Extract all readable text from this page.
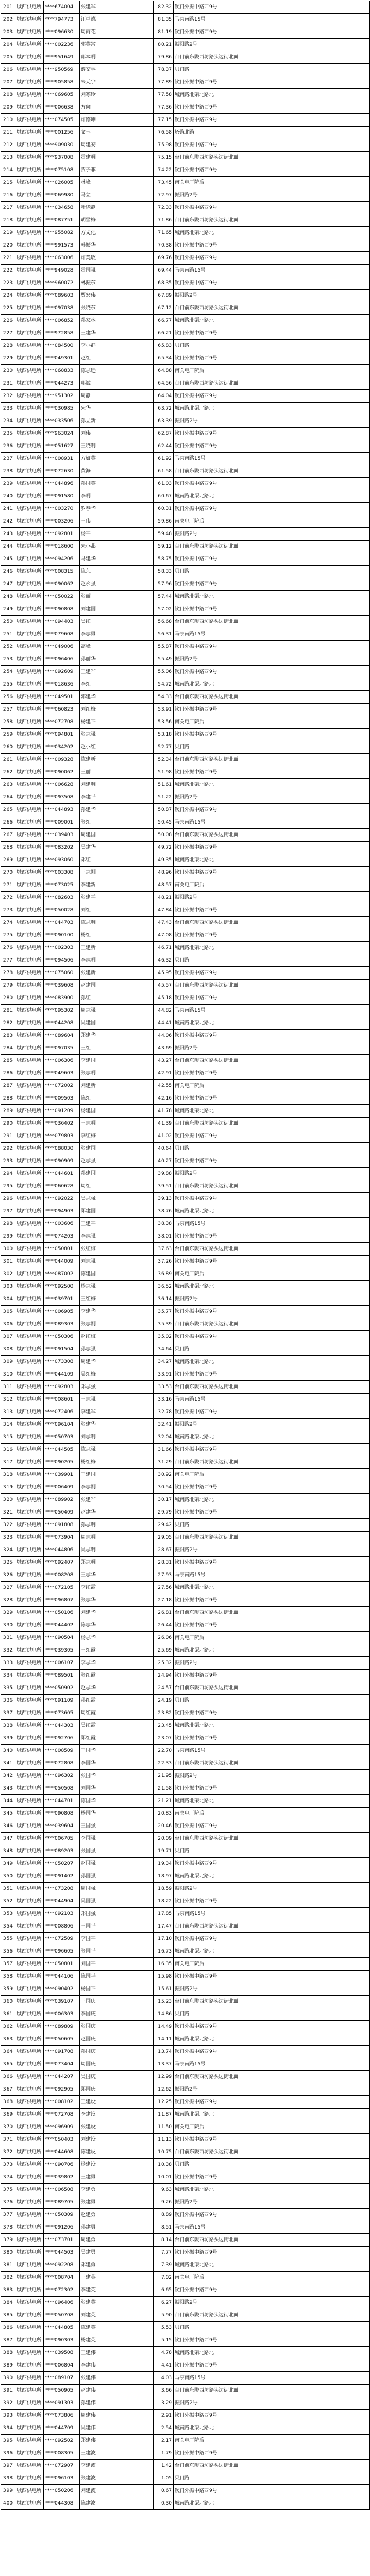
201	城西供电所	****674004	张建军	82.32	钦门外振中路西9号	
202	城西供电所	****794773	汪卓德	81.35	马泉南路15号	
203	城西供电所	****096630	周雨花	81.19	钦门外振中路西9号	
204	城西供电所	****002236	郭英富	80.21	振阳路2号	
205	城西供电所	****951649	郭本明	79.86	台门前东陇西坊路头边街北面	
206	城西供电所	****950569	薛安学	78.37	贝门路	
207	城西供电所	****905858	朱天宇	77.89	钦门外振中路西9号	
208	城西供电所	****069605	刘寒玲	77.58	城南路北渠北路北	
209	城西供电所	****006638	方向	77.36	钦门外振中路西9号	
210	城西供电所	****074505	许德坤	77.15	钦门外振中路西9号	
211	城西供电所	****001256	文丰	76.58	塔路北路	
212	城西供电所	****909030	周建安	75.98	钦门外振中路西9号	
213	城西供电所	****937008	霍建明	75.15	台门前东陇西坊路头边街北面	
214	城西供电所	****075108	贺子菲	74.22	钦门外振中路西9号	
215	城西供电所	****026005	林峰	73.45	南关电厂院后	
216	城西供电所	****069980	马立	72.97	振阳路2号	
217	城西供电所	****034658	叶晓静	72.33	钦门外振中路西9号	
218	城西供电所	****087751	胡雪梅	71.86	台门前东陇西坊路头边街北面	
219	城西供电所	****955082	方文化	71.65	城南路北渠北路北	
220	城西供电所	****991573	韩振华	70.38	钦门外振中路西9号	
221	城西供电所	****063006	许美敏	69.76	钦门外振中路西9号	
222	城西供电所	****949028	霍国强	69.44	马泉南路15号	
223	城西供电所	****960072	林振东	68.35	钦门外振中路西9号	
224	城西供电所	****089603	贾宏伟	67.89	振阳路2号	
225	城西供电所	****097038	张晓东	67.12	台门前东陇西坊路头边街北面	
226	城西供电所	****006852	孙家林	66.77	城南路北渠北路北	
227	城西供电所	****972858	王建华	66.21	钦门外振中路西9号	
228	城西供电所	****084500	李小群	65.83	贝门路	
229	城西供电所	****049301	赵红	65.34	钦门外振中路西9号	
230	城西供电所	****068833	陈志远	64.88	南关电厂院后	
231	城西供电所	****044273	郭斌	64.56	台门前东陇西坊路头边街北面	
232	城西供电所	****951302	周静	64.04	钦门外振中路西9号	
233	城西供电所	****030985	宋华	63.72	城南路北渠北路北	
234	城西供电所	****033506	孙立新	63.39	振阳路2号	
235	城西供电所	****963024	刘伟	62.87	钦门外振中路西9号	
236	城西供电所	****051627	王晓明	62.44	钦门外振中路西9号	
237	城西供电所	****008931	方如英	61.92	马泉南路15号	
238	城西供电所	****072630	黄海	61.58	台门前东陇西坊路头边街北面	
239	城西供电所	****044896	孙国英	61.03	钦门外振中路西9号	
240	城西供电所	****091580	李明	60.67	城南路北渠北路北	
241	城西供电所	****003270	罗春华	60.31	钦门外振中路西9号	
242	城西供电所	****003206	王伟	59.86	南关电厂院后	
243	城西供电所	****092801	杨平	59.48	振阳路2号	
244	城西供电所	****018600	朱小燕	59.12	台门前东陇西坊路头边街北面	
245	城西供电所	****094206	马建华	58.75	钦门外振中路西9号	
246	城西供电所	****008315	陈东	58.33	贝门路	
247	城西供电所	****090062	赵永强	57.96	钦门外振中路西9号	
248	城西供电所	****050022	张丽	57.44	城南路北渠北路北	
249	城西供电所	****090808	刘建国	57.02	钦门外振中路西9号	
250	城西供电所	****094403	吴红	56.68	台门前东陇西坊路头边街北面	
251	城西供电所	****079608	李志勇	56.31	马泉南路15号	
252	城西供电所	****049006	高峰	55.87	钦门外振中路西9号	
253	城西供电所	****096406	孙丽华	55.49	振阳路2号	
254	城西供电所	****092609	王建军	55.06	钦门外振中路西9号	
255	城西供电所	****018636	李红	54.72	城南路北渠北路北	
256	城西供电所	****049501	郭建华	54.33	台门前东陇西坊路头边街北面	
257	城西供电所	****060823	刘红梅	53.91	钦门外振中路西9号	
258	城西供电所	****072708	杨建平	53.56	南关电厂院后	
259	城西供电所	****094801	张志强	53.18	钦门外振中路西9号	
260	城西供电所	****034202	赵小红	52.77	贝门路	
261	城西供电所	****009328	陈建新	52.34	台门前东陇西坊路头边街北面	
262	城西供电所	****090062	王丽	51.98	钦门外振中路西9号	
263	城西供电所	****006628	刘建明	51.61	城南路北渠北路北	
264	城西供电所	****093508	李建平	51.22	振阳路2号	
265	城西供电所	****044893	孙建华	50.87	钦门外振中路西9号	
266	城西供电所	****009001	张红	50.45	马泉南路15号	
267	城西供电所	****039403	周建国	50.08	台门前东陇西坊路头边街北面	
268	城西供电所	****083202	吴建华	49.72	钦门外振中路西9号	
269	城西供电所	****093060	郑红	49.35	城南路北渠北路北	
270	城西供电所	****003308	王志刚	48.96	钦门外振中路西9号	
271	城西供电所	****073025	李建新	48.57	南关电厂院后	
272	城西供电所	****082603	张建平	48.21	振阳路2号	
273	城西供电所	****050028	刘红	47.84	钦门外振中路西9号	
274	城西供电所	****044703	陈志明	47.43	台门前东陇西坊路头边街北面	
275	城西供电所	****090100	杨红	47.08	钦门外振中路西9号	
276	城西供电所	****002303	王建新	46.71	城南路北渠北路北	
277	城西供电所	****094506	李志明	46.32	贝门路	
278	城西供电所	****075060	张建新	45.95	钦门外振中路西9号	
279	城西供电所	****039608	赵建国	45.57	台门前东陇西坊路头边街北面	
280	城西供电所	****083900	孙红	45.18	钦门外振中路西9号	
281	城西供电所	****095302	周志强	44.82	马泉南路15号	
282	城西供电所	****044208	吴建国	44.41	城南路北渠北路北	
283	城西供电所	****089604	郑建华	44.06	钦门外振中路西9号	
284	城西供电所	****097035	王红	43.69	振阳路2号	
285	城西供电所	****006306	李建国	43.27	台门前东陇西坊路头边街北面	
286	城西供电所	****049603	张志明	42.91	钦门外振中路西9号	
287	城西供电所	****072002	刘建新	42.55	南关电厂院后	
288	城西供电所	****009503	陈红	42.16	钦门外振中路西9号	
289	城西供电所	****091209	杨建国	41.78	城南路北渠北路北	
290	城西供电所	****036402	王志明	41.39	台门前东陇西坊路头边街北面	
291	城西供电所	****079803	李红梅	41.02	钦门外振中路西9号	
292	城西供电所	****088030	张建国	40.64	贝门路	
293	城西供电所	****090909	赵志强	40.27	钦门外振中路西9号	
294	城西供电所	****044601	孙建国	39.88	振阳路2号	
295	城西供电所	****060628	周红	39.51	台门前东陇西坊路头边街北面	
296	城西供电所	****092022	吴志强	39.13	钦门外振中路西9号	
297	城西供电所	****094903	郑建国	38.76	城南路北渠北路北	
298	城西供电所	****003606	王建平	38.38	马泉南路15号	
299	城西供电所	****074203	李志强	38.01	钦门外振中路西9号	
300	城西供电所	****050801	张红梅	37.63	台门前东陇西坊路头边街北面	
301	城西供电所	****044009	刘志强	37.26	钦门外振中路西9号	
302	城西供电所	****087002	陈建国	36.89	南关电厂院后	
303	城西供电所	****092500	杨志强	36.52	城南路北渠北路北	
304	城西供电所	****039701	王红梅	36.14	振阳路2号	
305	城西供电所	****006905	李建华	35.77	钦门外振中路西9号	
306	城西供电所	****089303	张志刚	35.39	台门前东陇西坊路头边街北面	
307	城西供电所	****050306	赵红梅	35.02	钦门外振中路西9号	
308	城西供电所	****091504	孙志强	34.64	贝门路	
309	城西供电所	****073308	周建华	34.27	城南路北渠北路北	
310	城西供电所	****044109	吴红梅	33.91	钦门外振中路西9号	
311	城西供电所	****092803	郑志强	33.53	台门前东陇西坊路头边街北面	
312	城西供电所	****008601	王志强	33.16	马泉南路15号	
313	城西供电所	****072406	李建军	32.78	钦门外振中路西9号	
314	城西供电所	****096104	张建华	32.41	振阳路2号	
315	城西供电所	****050703	刘志明	32.04	城南路北渠北路北	
316	城西供电所	****044505	陈志强	31.66	钦门外振中路西9号	
317	城西供电所	****090205	杨红梅	31.29	台门前东陇西坊路头边街北面	
318	城西供电所	****039901	王建国	30.92	南关电厂院后	
319	城西供电所	****006409	李志刚	30.54	钦门外振中路西9号	
320	城西供电所	****089902	张建军	30.17	城南路北渠北路北	
321	城西供电所	****050409	赵建华	29.79	钦门外振中路西9号	
322	城西供电所	****091808	孙志明	29.42	贝门路	
323	城西供电所	****073904	周志明	29.05	台门前东陇西坊路头边街北面	
324	城西供电所	****044806	吴志明	28.67	振阳路2号	
325	城西供电所	****092407	郑志明	28.31	钦门外振中路西9号	
326	城西供电所	****008208	王志华	27.93	马泉南路15号	
327	城西供电所	****072105	李红霞	27.56	城南路北渠北路北	
328	城西供电所	****096807	张志华	27.18	钦门外振中路西9号	
329	城西供电所	****050106	刘建华	26.81	台门前东陇西坊路头边街北面	
330	城西供电所	****044402	陈志华	26.44	钦门外振中路西9号	
331	城西供电所	****090504	杨志华	26.06	南关电厂院后	
332	城西供电所	****039305	王红霞	25.69	城南路北渠北路北	
333	城西供电所	****006107	李志华	25.32	振阳路2号	
334	城西供电所	****089501	张红霞	24.94	钦门外振中路西9号	
335	城西供电所	****050902	赵志华	24.57	台门前东陇西坊路头边街北面	
336	城西供电所	****091109	孙红霞	24.19	贝门路	
337	城西供电所	****073605	周红霞	23.82	钦门外振中路西9号	
338	城西供电所	****044303	吴红霞	23.45	城南路北渠北路北	
339	城西供电所	****092706	郑红霞	23.07	钦门外振中路西9号	
340	城西供电所	****008509	王国华	22.70	马泉南路15号	
341	城西供电所	****072808	李国华	22.33	台门前东陇西坊路头边街北面	
342	城西供电所	****096302	张国华	21.95	振阳路2号	
343	城西供电所	****050508	刘国华	21.58	钦门外振中路西9号	
344	城西供电所	****044701	陈国华	21.21	城南路北渠北路北	
345	城西供电所	****090808	杨国华	20.83	南关电厂院后	
346	城西供电所	****039604	王国强	20.46	钦门外振中路西9号	
347	城西供电所	****006705	李国强	20.09	台门前东陇西坊路头边街北面	
348	城西供电所	****089203	张国强	19.71	贝门路	
349	城西供电所	****050207	赵国强	19.34	钦门外振中路西9号	
350	城西供电所	****091402	孙国强	18.97	城南路北渠北路北	
351	城西供电所	****073208	周国强	18.59	振阳路2号	
352	城西供电所	****044904	吴国强	18.22	钦门外振中路西9号	
353	城西供电所	****092103	郑国强	17.85	马泉南路15号	
354	城西供电所	****008806	王国平	17.47	台门前东陇西坊路头边街北面	
355	城西供电所	****072509	李国平	17.10	钦门外振中路西9号	
356	城西供电所	****096605	张国平	16.73	城南路北渠北路北	
357	城西供电所	****050801	刘国平	16.35	南关电厂院后	
358	城西供电所	****044106	陈国平	15.98	钦门外振中路西9号	
359	城西供电所	****090402	杨国平	15.61	振阳路2号	
360	城西供电所	****039107	王国庆	15.23	台门前东陇西坊路头边街北面	
361	城西供电所	****006303	李国庆	14.86	贝门路	
362	城西供电所	****089809	张国庆	14.49	钦门外振中路西9号	
363	城西供电所	****050605	赵国庆	14.11	城南路北渠北路北	
364	城西供电所	****091708	孙国庆	13.74	钦门外振中路西9号	
365	城西供电所	****073404	周国庆	13.37	马泉南路15号	
366	城西供电所	****044207	吴国庆	12.99	台门前东陇西坊路头边街北面	
367	城西供电所	****092905	郑国庆	12.62	振阳路2号	
368	城西供电所	****008102	王建设	12.25	钦门外振中路西9号	
369	城西供电所	****072708	李建设	11.87	城南路北渠北路北	
370	城西供电所	****096909	张建设	11.50	南关电厂院后	
371	城西供电所	****050403	刘建设	11.13	钦门外振中路西9号	
372	城西供电所	****044608	陈建设	10.75	台门前东陇西坊路头边街北面	
373	城西供电所	****090706	杨建设	10.38	贝门路	
374	城西供电所	****039802	王建勇	10.01	钦门外振中路西9号	
375	城西供电所	****006508	李建勇	9.63	城南路北渠北路北	
376	城西供电所	****089705	张建勇	9.26	振阳路2号	
377	城西供电所	****050309	赵建勇	8.89	钦门外振中路西9号	
378	城西供电所	****091206	孙建勇	8.51	马泉南路15号	
379	城西供电所	****073701	周建勇	8.14	台门前东陇西坊路头边街北面	
380	城西供电所	****044503	吴建勇	7.77	钦门外振中路西9号	
381	城西供电所	****092208	郑建勇	7.39	城南路北渠北路北	
382	城西供电所	****008704	王建英	7.02	南关电厂院后	
383	城西供电所	****072302	李建英	6.65	钦门外振中路西9号	
384	城西供电所	****096406	张建英	6.27	振阳路2号	
385	城西供电所	****050708	刘建英	5.90	台门前东陇西坊路头边街北面	
386	城西供电所	****044805	陈建英	5.53	贝门路	
387	城西供电所	****090303	杨建英	5.15	钦门外振中路西9号	
388	城西供电所	****039508	王建伟	4.78	城南路北渠北路北	
389	城西供电所	****006804	李建伟	4.41	钦门外振中路西9号	
390	城西供电所	****089107	张建伟	4.03	马泉南路15号	
391	城西供电所	****050905	赵建伟	3.66	台门前东陇西坊路头边街北面	
392	城西供电所	****091303	孙建伟	3.29	振阳路2号	
393	城西供电所	****073806	周建伟	2.91	钦门外振中路西9号	
394	城西供电所	****044709	吴建伟	2.54	城南路北渠北路北	
395	城西供电所	****092502	郑建伟	2.17	南关电厂院后	
396	城西供电所	****008305	王建波	1.79	钦门外振中路西9号	
397	城西供电所	****072907	李建波	1.42	台门前东陇西坊路头边街北面	
398	城西供电所	****096103	张建波	1.05	贝门路	
399	城西供电所	****050206	刘建波	0.67	钦门外振中路西9号	
400	城西供电所	****044308	陈建波	0.30	城南路北渠北路北	
